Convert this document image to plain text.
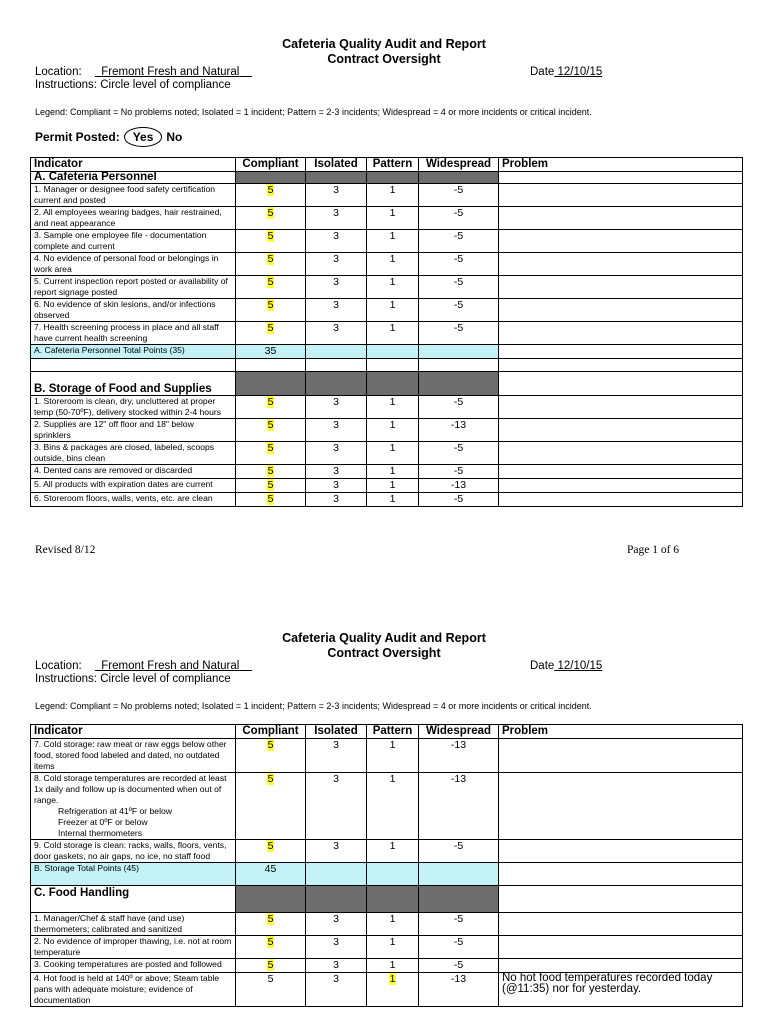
Cafeteria Quality Audit and Report
Contract Oversight
Location: Fremont Fresh and Natural	Date 12/10/15
Instructions: Circle level of compliance
Legend: Compliant = No problems noted; Isolated = 1 incident; Pattern = 2-3 incidents; Widespread = 4 or more incidents or critical incident.
Permit Posted: Yes No
Indicator	Compliant	Isolated	Pattern	Widespread	Problem
A. Cafeteria Personnel					
1. Manager or designee food safety certification current and posted	5	3	1	-5	
2. All employees wearing badges, hair restrained, and neat appearance	5	3	1	-5	
3. Sample one employee file - documentation complete and current	5	3	1	-5	
4. No evidence of personal food or belongings in work area	5	3	1	-5	
5. Current inspection report posted or availability of report signage posted	5	3	1	-5	
6. No evidence of skin lesions, and/or infections observed	5	3	1	-5	
7. Health screening process in place and all staff have current health screening	5	3	1	-5	
A. Cafeteria Personnel Total Points (35)	35				

B. Storage of Food and Supplies					
1. Storeroom is clean, dry, uncluttered at proper temp (50-70ºF), delivery stocked within 2-4 hours	5	3	1	-5	
2. Supplies are 12" off floor and 18" below sprinklers	5	3	1	-13	
3. Bins & packages are closed, labeled, scoops outside, bins clean	5	3	1	-5	
4. Dented cans are removed or discarded	5	3	1	-5	
5. All products with expiration dates are current	5	3	1	-13	
6. Storeroom floors, walls, vents, etc. are clean	5	3	1	-5	
Revised 8/12	Page 1 of 6
Cafeteria Quality Audit and Report
Contract Oversight
Location: Fremont Fresh and Natural	Date 12/10/15
Instructions: Circle level of compliance
Legend: Compliant = No problems noted; Isolated = 1 incident; Pattern = 2-3 incidents; Widespread = 4 or more incidents or critical incident.
Indicator	Compliant	Isolated	Pattern	Widespread	Problem
7. Cold storage: raw meat or raw eggs below other food, stored food labeled and dated, no outdated items	5	3	1	-13	
8. Cold storage temperatures are recorded at least 1x daily and follow up is documented when out of range.
Refrigeration at 41ºF or below
Freezer at 0ºF or below
Internal thermometers	5	3	1	-13	
9. Cold storage is clean: racks, walls, floors, vents, door gaskets, no air gaps, no ice, no staff food	5	3	1	-5	
B. Storage Total Points (45)	45				
C. Food Handling					
1. Manager/Chef & staff have (and use) thermometers; calibrated and sanitized	5	3	1	-5	
2. No evidence of improper thawing, i.e. not at room temperature	5	3	1	-5	
3. Cooking temperatures are posted and followed	5	3	1	-5	
4. Hot food is held at 140º or above; Steam table pans with adequate moisture; evidence of documentation	5	3	1	-13	No hot food temperatures recorded today (@11:35) nor for yesterday.
